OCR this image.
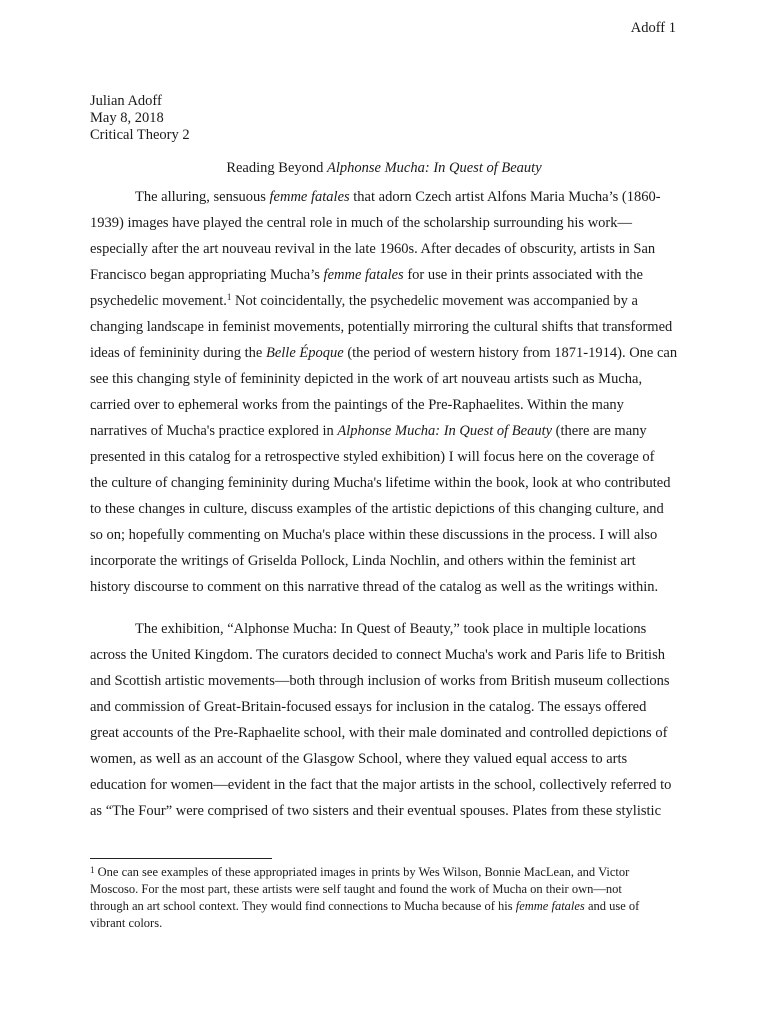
Adoff 1
Julian Adoff
May 8, 2018
Critical Theory 2
Reading Beyond Alphonse Mucha: In Quest of Beauty
The alluring, sensuous femme fatales that adorn Czech artist Alfons Maria Mucha’s (1860-
1939) images have played the central role in much of the scholarship surrounding his work—
especially after the art nouveau revival in the late 1960s. After decades of obscurity, artists in San
Francisco began appropriating Mucha’s femme fatales for use in their prints associated with the
psychedelic movement.$^1$ Not coincidentally, the psychedelic movement was accompanied by a
changing landscape in feminist movements, potentially mirroring the cultural shifts that transformed
ideas of femininity during the Belle Époque (the period of western history from 1871-1914). One can
see this changing style of femininity depicted in the work of art nouveau artists such as Mucha,
carried over to ephemeral works from the paintings of the Pre-Raphaelites. Within the many
narratives of Mucha's practice explored in Alphonse Mucha: In Quest of Beauty (there are many
presented in this catalog for a retrospective styled exhibition) I will focus here on the coverage of
the culture of changing femininity during Mucha's lifetime within the book, look at who contributed
to these changes in culture, discuss examples of the artistic depictions of this changing culture, and
so on; hopefully commenting on Mucha's place within these discussions in the process. I will also
incorporate the writings of Griselda Pollock, Linda Nochlin, and others within the feminist art
history discourse to comment on this narrative thread of the catalog as well as the writings within.
The exhibition, “Alphonse Mucha: In Quest of Beauty,” took place in multiple locations
across the United Kingdom. The curators decided to connect Mucha's work and Paris life to British
and Scottish artistic movements—both through inclusion of works from British museum collections
and commission of Great-Britain-focused essays for inclusion in the catalog. The essays offered
great accounts of the Pre-Raphaelite school, with their male dominated and controlled depictions of
women, as well as an account of the Glasgow School, where they valued equal access to arts
education for women—evident in the fact that the major artists in the school, collectively referred to
as “The Four” were comprised of two sisters and their eventual spouses. Plates from these stylistic
$^1$ One can see examples of these appropriated images in prints by Wes Wilson, Bonnie MacLean, and Victor
Moscoso. For the most part, these artists were self taught and found the work of Mucha on their own—not
through an art school context. They would find connections to Mucha because of his femme fatales and use of
vibrant colors.
